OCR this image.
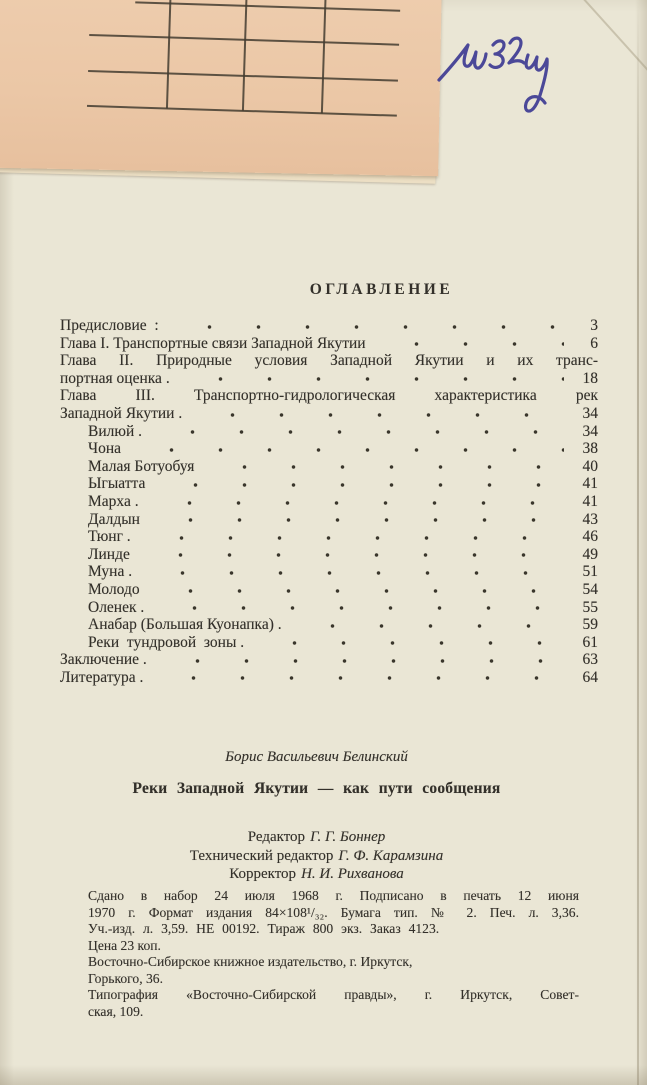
ОГЛАВЛЕНИЕ
Предисловие  :	3
Глава I. Транспортные связи Западной Якутии	6
Глава II. Природные условия Западной Якутии и их транс-
портная оценка .	18
Глава III. Транспортно-гидрологическая характеристика рек
Западной Якутии .	34
Вилюй .	34
Чона	38
Малая Ботуобуя	40
Ыгыатта	41
Марха .	41
Далдын	43
Тюнг .	46
Линде	49
Муна .	51
Молодо	54
Оленек .	55
Анабар (Большая Куонапка) .	59
Реки  тундровой  зоны .	61
Заключение .	63
Литература .	64
Борис Васильевич Белинский
Реки Западной Якутии — как пути сообщения
Редактор Г. Г. Боннер
Технический редактор Г. Ф. Карамзина
Корректор Н. И. Рихванова
Сдано в набор 24 июля 1968 г. Подписано в печать 12 июня
1970 г. Формат издания 84×108¹/₃₂. Бумага тип. № 2. Печ. л. 3,36.
Уч.-изд. л. 3,59. НЕ 00192. Тираж 800 экз. Заказ 4123.
Цена 23 коп.
Восточно-Сибирское книжное издательство, г. Иркутск,
Горького, 36.
Типография «Восточно-Сибирской правды», г. Иркутск, Совет-
ская, 109.
